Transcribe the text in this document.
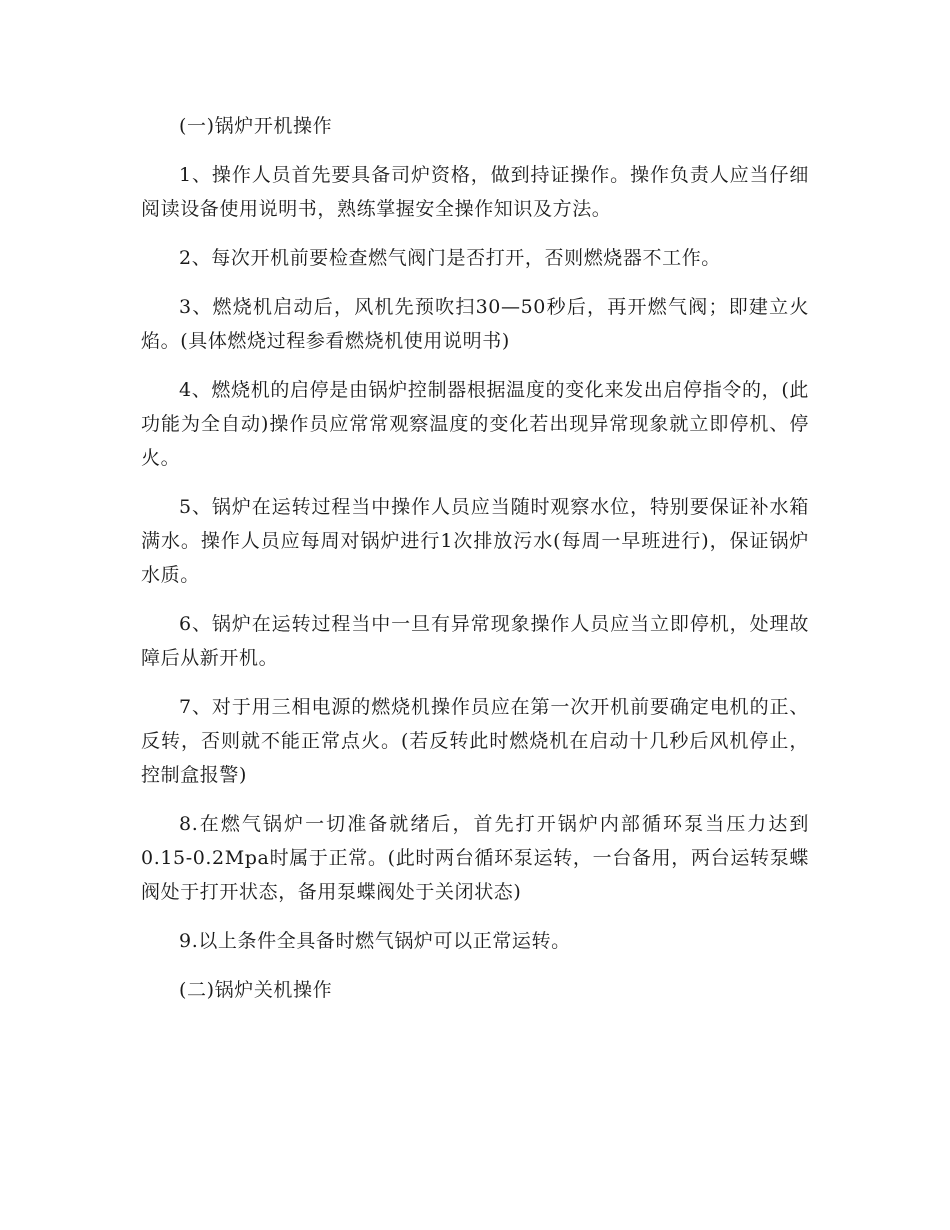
(一)锅炉开机操作

1、操作人员首先要具备司炉资格，做到持证操作。操作负责人应当仔细阅读设备使用说明书，熟练掌握安全操作知识及方法。

2、每次开机前要检查燃气阀门是否打开，否则燃烧器不工作。

3、燃烧机启动后，风机先预吹扫30—50秒后，再开燃气阀；即建立火焰。(具体燃烧过程参看燃烧机使用说明书)

4、燃烧机的启停是由锅炉控制器根据温度的变化来发出启停指令的，(此功能为全自动)操作员应常常观察温度的变化若出现异常现象就立即停机、停火。

5、锅炉在运转过程当中操作人员应当随时观察水位，特别要保证补水箱满水。操作人员应每周对锅炉进行1次排放污水(每周一早班进行)，保证锅炉水质。

6、锅炉在运转过程当中一旦有异常现象操作人员应当立即停机，处理故障后从新开机。

7、对于用三相电源的燃烧机操作员应在第一次开机前要确定电机的正、反转，否则就不能正常点火。(若反转此时燃烧机在启动十几秒后风机停止，控制盒报警)

8.在燃气锅炉一切准备就绪后，首先打开锅炉内部循环泵当压力达到0.15-0.2Mpa时属于正常。(此时两台循环泵运转，一台备用，两台运转泵蝶阀处于打开状态，备用泵蝶阀处于关闭状态)

9.以上条件全具备时燃气锅炉可以正常运转。

(二)锅炉关机操作
